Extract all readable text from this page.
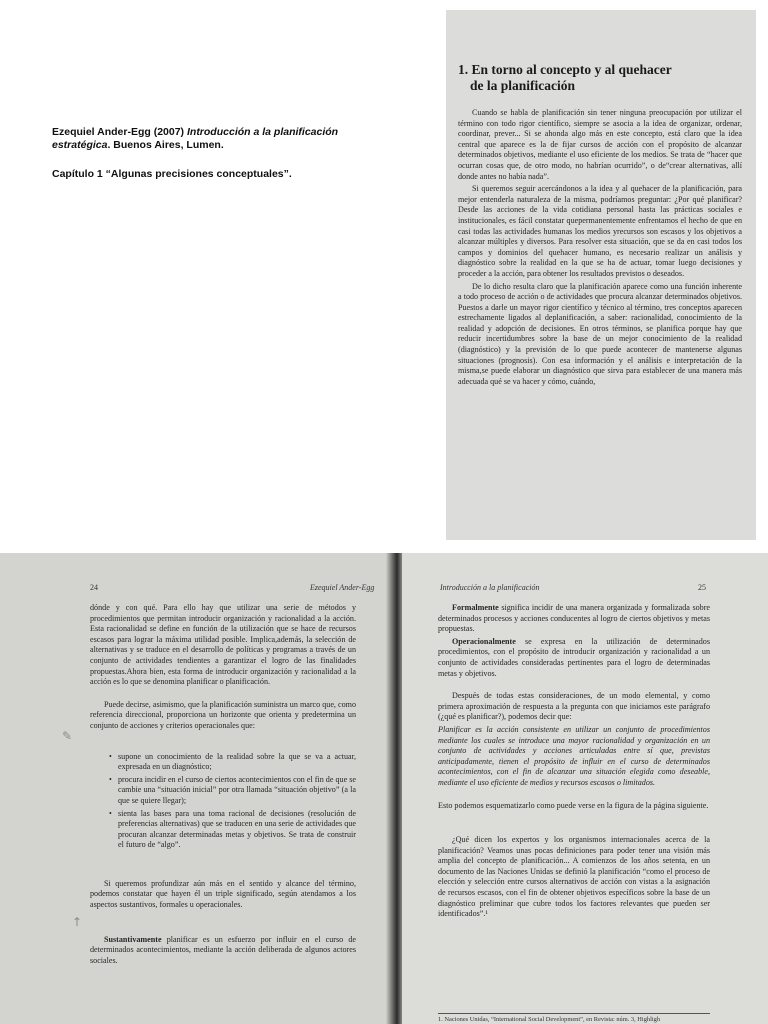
Ezequiel Ander-Egg (2007) Introducción a la planificación estratégica. Buenos Aires, Lumen.

Capítulo 1 “Algunas precisiones conceptuales”.

1. En torno al concepto y al quehacer
de la planificación

Cuando se habla de planificación sin tener ninguna preocupación por utilizar el término con todo rigor científico, siempre se asocia a la idea de organizar, ordenar, coordinar, prever... Si se ahonda algo más en este concepto, está claro que la idea central que aparece es la de fijar cursos de acción con el propósito de alcanzar determinados objetivos, mediante el uso eficiente de los medios. Se trata de “hacer que ocurran cosas que, de otro modo, no habrían ocurrido”, o de“crear alternativas, allí donde antes no había nada”.

Si queremos seguir acercándonos a la idea y al quehacer de la planificación, para mejor entenderla naturaleza de la misma, podríamos preguntar: ¿Por qué planificar? Desde las acciones de la vida cotidiana personal hasta las prácticas sociales e institucionales, es fácil constatar quepermanentemente enfrentamos el hecho de que en casi todas las actividades humanas los medios yrecursos son escasos y los objetivos a alcanzar múltiples y diversos. Para resolver esta situación, que se da en casi todos los campos y dominios del quehacer humano, es necesario realizar un análisis y diagnóstico sobre la realidad en la que se ha de actuar, tomar luego decisiones y proceder a la acción, para obtener los resultados previstos o deseados.

De lo dicho resulta claro que la planificación aparece como una función inherente a todo proceso de acción o de actividades que procura alcanzar determinados objetivos. Puestos a darle un mayor rigor científico y técnico al término, tres conceptos aparecen estrechamente ligados al deplanificación, a saber: racionalidad, conocimiento de la realidad y adopción de decisiones. En otros términos, se planifica porque hay que reducir incertidumbres sobre la base de un mejor conocimiento de la realidad (diagnóstico) y la previsión de lo que puede acontecer de mantenerse algunas situaciones (prognosis). Con esa información y el análisis e interpretación de la misma,se puede elaborar un diagnóstico que sirva para establecer de una manera más adecuada qué se va hacer y cómo, cuándo,

24	Ezequiel Ander-Egg

dónde y con qué. Para ello hay que utilizar una serie de métodos y procedimientos que permitan introducir organización y racionalidad a la acción. Esta racionalidad se define en función de la utilización que se hace de recursos escasos para lograr la máxima utilidad posible. Implica,además, la selección de alternativas y se traduce en el desarrollo de políticas y programas a través de un conjunto de actividades tendientes a garantizar el logro de las finalidades propuestas.Ahora bien, esta forma de introducir organización y racionalidad a la acción es lo que se denomina planificar o planificación.

Puede decirse, asimismo, que la planificación suministra un marco que, como referencia direccional, proporciona un horizonte que orienta y predetermina un conjunto de acciones y criterios operacionales que:

• supone un conocimiento de la realidad sobre la que se va a actuar, expresada en un diagnóstico;
• procura incidir en el curso de ciertos acontecimientos con el fin de que se cambie una “situación inicial” por otra llamada “situación objetivo” (a la que se quiere llegar);
• sienta las bases para una toma racional de decisiones (resolución de preferencias alternativas) que se traducen en una serie de actividades que procuran alcanzar determinadas metas y objetivos. Se trata de construir el futuro de “algo”.

Si queremos profundizar aún más en el sentido y alcance del término, podemos constatar que hayen él un triple significado, según atendamos a los aspectos sustantivos, formales u operacionales.

Sustantivamente planificar es un esfuerzo por influir en el curso de determinados acontecimientos, mediante la acción deliberada de algunos actores sociales.

✎
↑
Introducción a la planificación	25

Formalmente significa incidir de una manera organizada y formalizada sobre determinados procesos y acciones conducentes al logro de ciertos objetivos y metas propuestas.

Operacionalmente se expresa en la utilización de determinados procedimientos, con el propósito de introducir organización y racionalidad a un conjunto de actividades consideradas pertinentes para el logro de determinadas metas y objetivos.

Después de todas estas consideraciones, de un modo elemental, y como primera aproximación de respuesta a la pregunta con que iniciamos este parágrafo (¿qué es planificar?), podemos decir que:

Planificar es la acción consistente en utilizar un conjunto de procedimientos mediante los cuales se introduce una mayor racionalidad y organización en un conjunto de actividades y acciones articuladas entre sí que, previstas anticipadamente, tienen el propósito de influir en el curso de determinados acontecimientos, con el fin de alcanzar una situación elegida como deseable, mediante el uso eficiente de medios y recursos escasos o limitados.

Esto podemos esquematizarlo como puede verse en la figura de la página siguiente.

¿Qué dicen los expertos y los organismos internacionales acerca de la planificación? Veamos unas pocas definiciones para poder tener una visión más amplia del concepto de planificación... A comienzos de los años setenta, en un documento de las Naciones Unidas se definió la planificación “como el proceso de elección y selección entre cursos alternativos de acción con vistas a la asignación de recursos escasos, con el fin de obtener objetivos específicos sobre la base de un diagnóstico preliminar que cubre todos los factores relevantes que pueden ser identificados”.¹

1. Naciones Unidas, “International Social Development”, en Revista: núm. 3, Highligh
